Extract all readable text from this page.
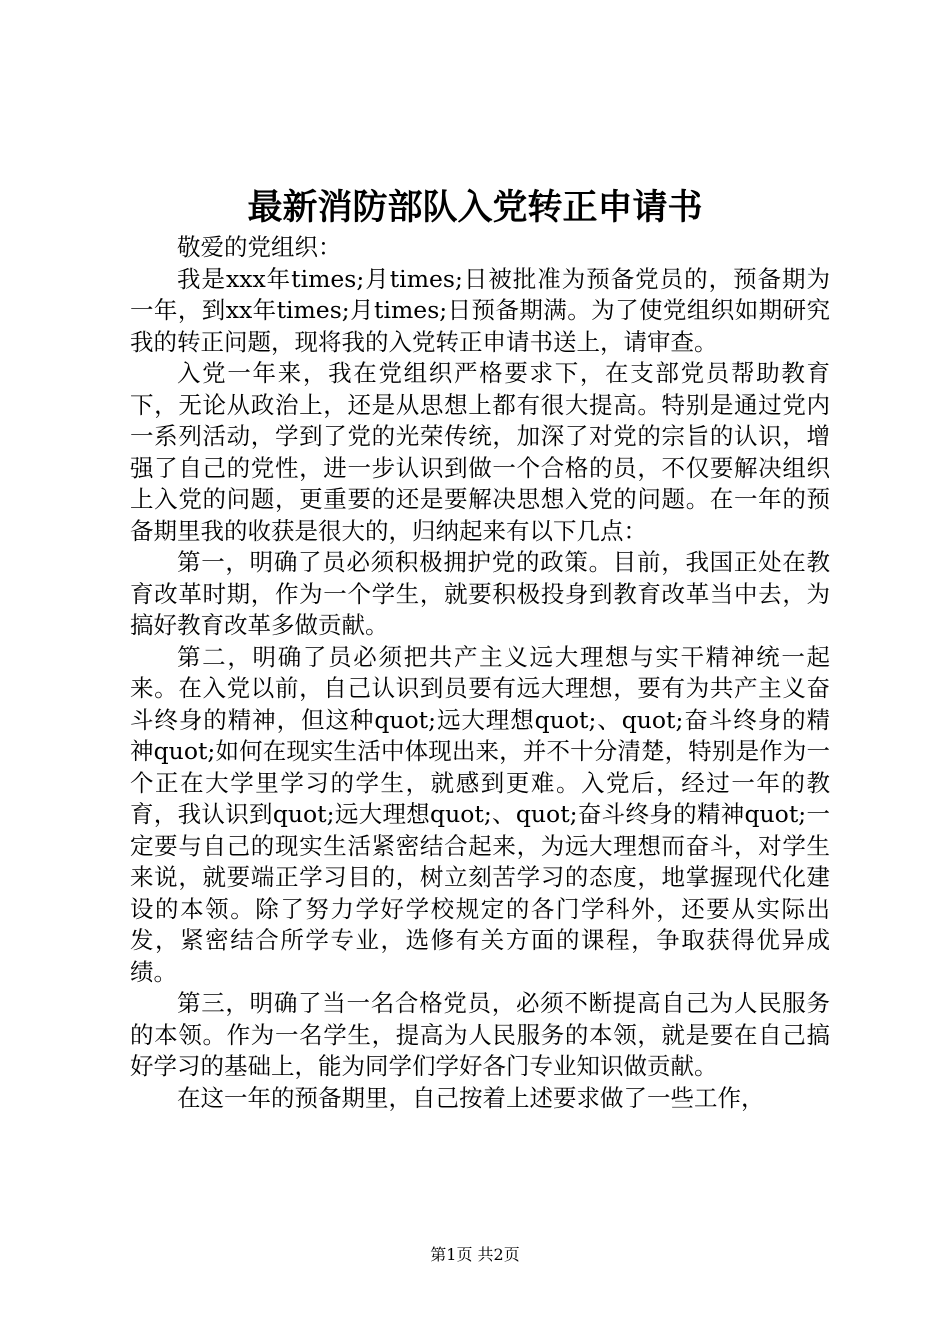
最新消防部队入党转正申请书

敬爱的党组织：

我是xxx年times;月times;日被批准为预备党员的，预备期为一年，到xx年times;月times;日预备期满。为了使党组织如期研究我的转正问题，现将我的入党转正申请书送上，请审查。

入党一年来，我在党组织严格要求下，在支部党员帮助教育下，无论从政治上，还是从思想上都有很大提高。特别是通过党内一系列活动，学到了党的光荣传统，加深了对党的宗旨的认识，增强了自己的党性，进一步认识到做一个合格的员，不仅要解决组织上入党的问题，更重要的还是要解决思想入党的问题。在一年的预备期里我的收获是很大的，归纳起来有以下几点：

第一，明确了员必须积极拥护党的政策。目前，我国正处在教育改革时期，作为一个学生，就要积极投身到教育改革当中去，为搞好教育改革多做贡献。

第二，明确了员必须把共产主义远大理想与实干精神统一起来。在入党以前，自己认识到员要有远大理想，要有为共产主义奋斗终身的精神，但这种quot;远大理想quot;、quot;奋斗终身的精神quot;如何在现实生活中体现出来，并不十分清楚，特别是作为一个正在大学里学习的学生，就感到更难。入党后，经过一年的教育，我认识到quot;远大理想quot;、quot;奋斗终身的精神quot;一定要与自己的现实生活紧密结合起来，为远大理想而奋斗，对学生来说，就要端正学习目的，树立刻苦学习的态度，地掌握现代化建设的本领。除了努力学好学校规定的各门学科外，还要从实际出发，紧密结合所学专业，选修有关方面的课程，争取获得优异成绩。

第三，明确了当一名合格党员，必须不断提高自己为人民服务的本领。作为一名学生，提高为人民服务的本领，就是要在自己搞好学习的基础上，能为同学们学好各门专业知识做贡献。

在这一年的预备期里，自己按着上述要求做了一些工作，

第1页 共2页
